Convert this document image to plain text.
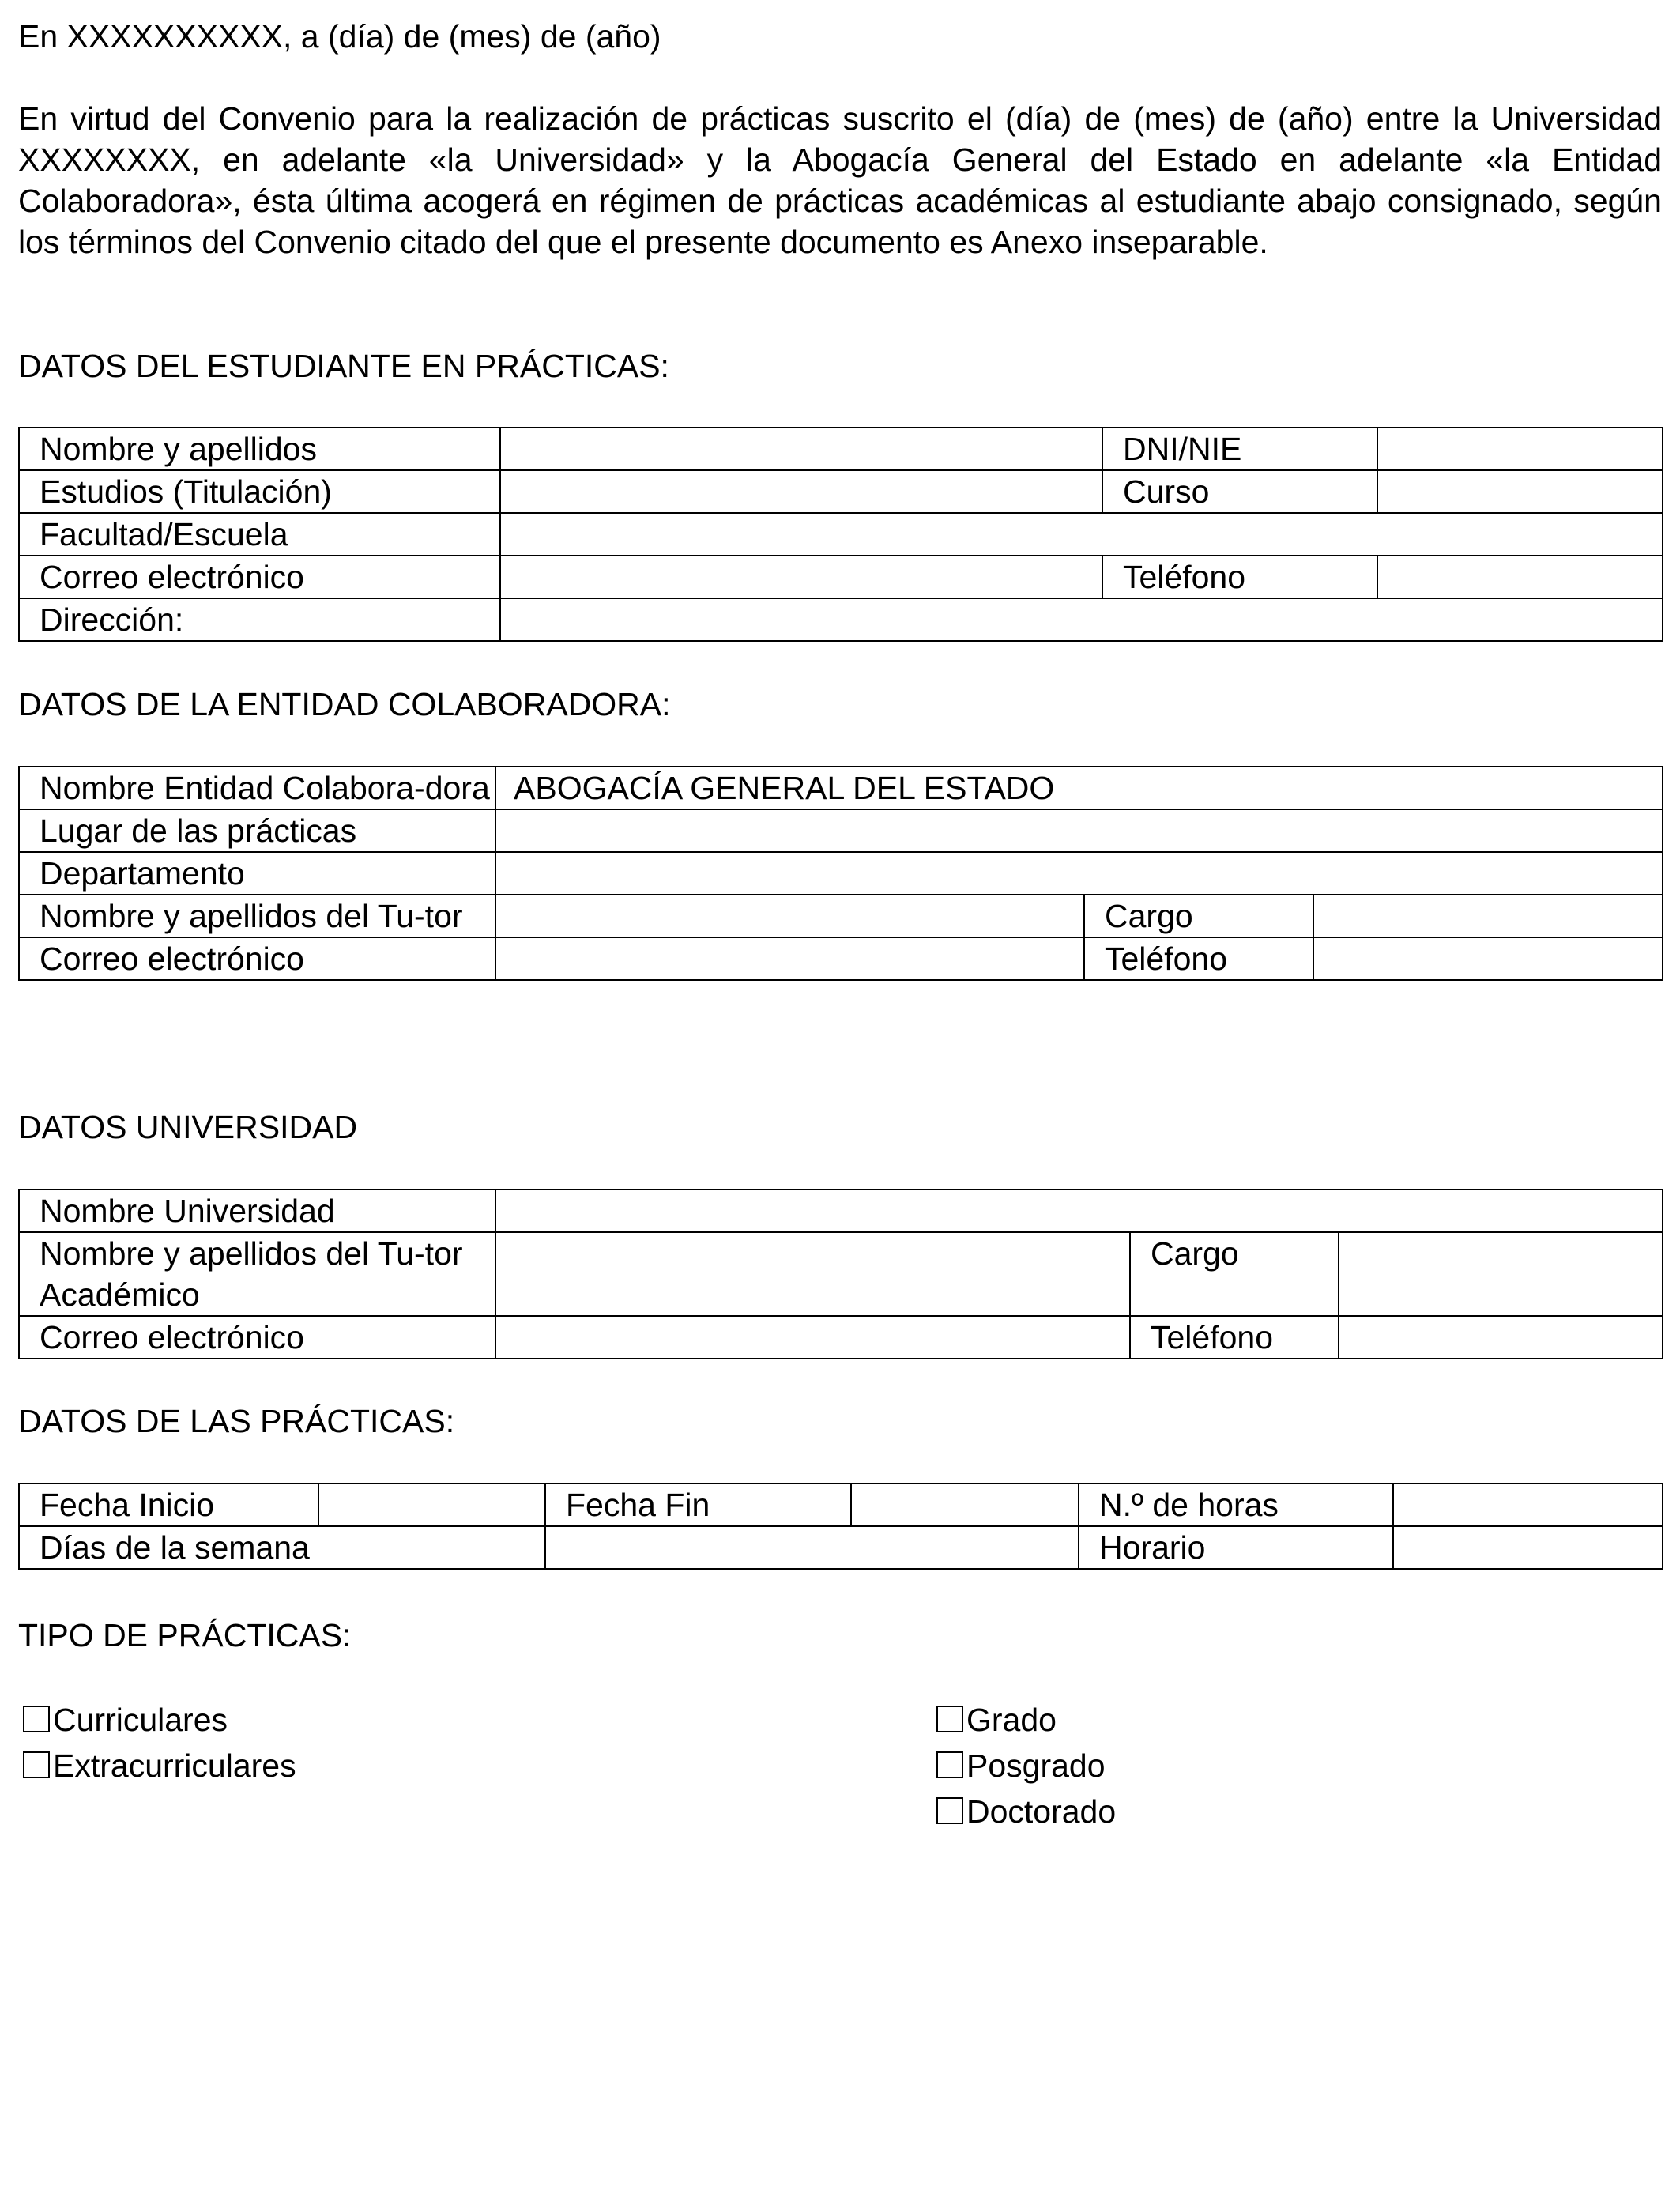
En XXXXXXXXXX, a (día) de (mes) de (año)
En virtud del Convenio para la realización de prácticas suscrito el (día) de (mes) de (año) entre la Universidad XXXXXXXX, en adelante «la Universidad» y la Abogacía General del Estado en adelante «la Entidad Colaboradora», ésta última acogerá en régimen de prácticas académicas al estudiante abajo consignado, según los términos del Convenio citado del que el presente documento es Anexo inseparable.
DATOS DEL ESTUDIANTE EN PRÁCTICAS:
Nombre y apellidos		DNI/NIE	
Estudios (Titulación)		Curso	
Facultad/Escuela			
Correo electrónico		Teléfono	
Dirección:			
DATOS DE LA ENTIDAD COLABORADORA:
Nombre Entidad Colabora-dora	ABOGACÍA GENERAL DEL ESTADO		
Lugar de las prácticas			
Departamento			
Nombre y apellidos del Tu-tor		Cargo	
Correo electrónico		Teléfono	
DATOS UNIVERSIDAD
Nombre Universidad			
Nombre y apellidos del Tu-tor Académico		Cargo	
Correo electrónico		Teléfono	
DATOS DE LAS PRÁCTICAS:
Fecha Inicio		Fecha Fin		N.º de horas	
Días de la semana				Horario	
TIPO DE PRÁCTICAS:
Curriculares
Extracurriculares
Grado
Posgrado
Doctorado
